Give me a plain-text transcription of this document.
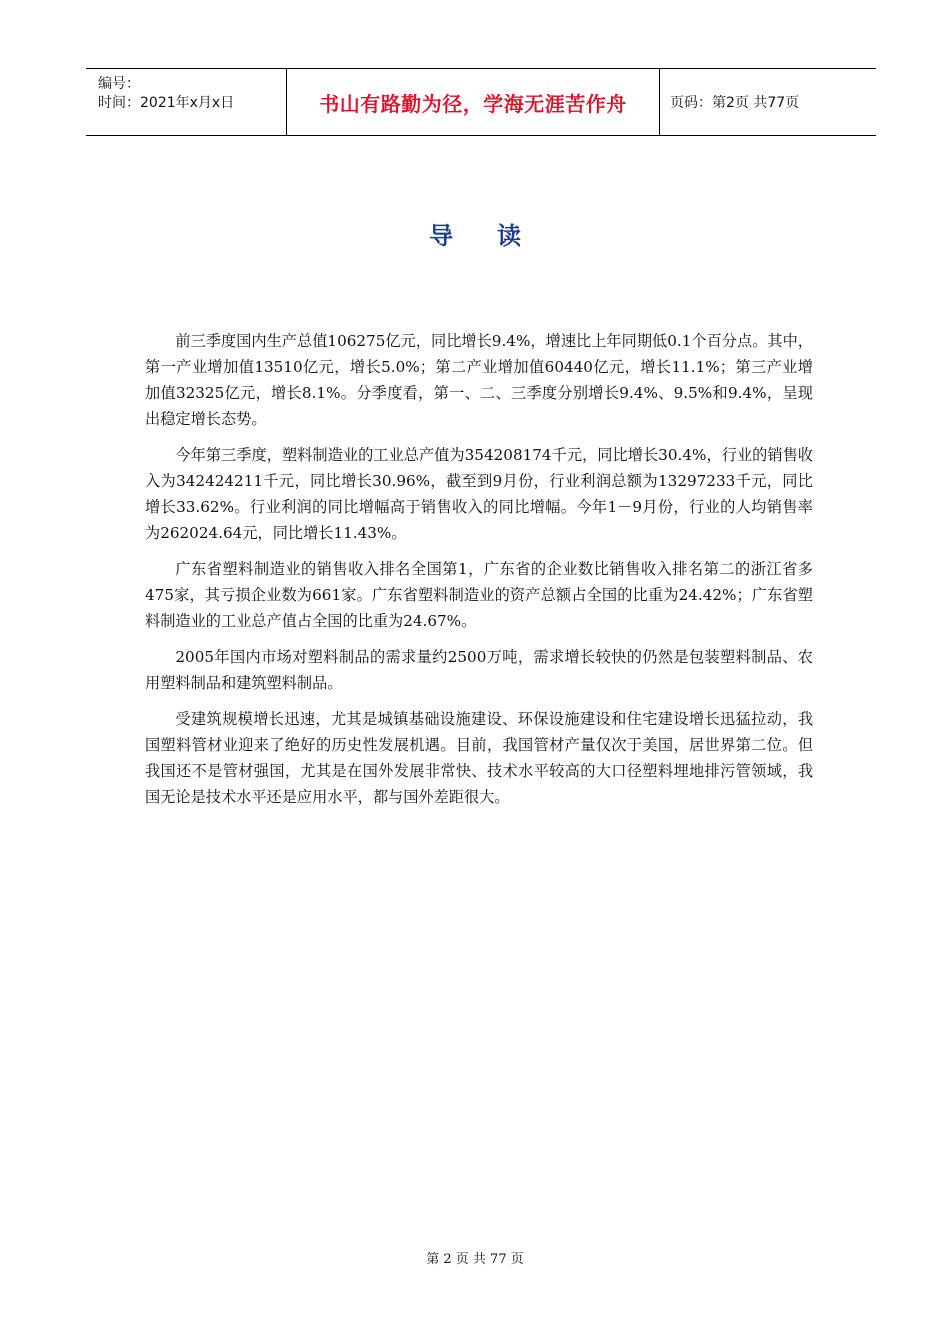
编号：
时间：2021年x月x日	书山有路勤为径，学海无涯苦作舟	页码：第2页 共77页
导读

前三季度国内生产总值106275亿元，同比增长9.4%，增速比上年同期低0.1个百分点。其中，第一产业增加值13510亿元，增长5.0%；第二产业增加值60440亿元，增长11.1%；第三产业增加值32325亿元，增长8.1%。分季度看，第一、二、三季度分别增长9.4%、9.5%和9.4%，呈现出稳定增长态势。

今年第三季度，塑料制造业的工业总产值为354208174千元，同比增长30.4%，行业的销售收入为342424211千元，同比增长30.96%，截至到9月份，行业利润总额为13297233千元，同比增长33.62%。行业利润的同比增幅高于销售收入的同比增幅。今年1－9月份，行业的人均销售率为262024.64元，同比增长11.43%。

广东省塑料制造业的销售收入排名全国第1，广东省的企业数比销售收入排名第二的浙江省多475家，其亏损企业数为661家。广东省塑料制造业的资产总额占全国的比重为24.42%；广东省塑料制造业的工业总产值占全国的比重为24.67%。

2005年国内市场对塑料制品的需求量约2500万吨，需求增长较快的仍然是包装塑料制品、农用塑料制品和建筑塑料制品。

受建筑规模增长迅速，尤其是城镇基础设施建设、环保设施建设和住宅建设增长迅猛拉动，我国塑料管材业迎来了绝好的历史性发展机遇。目前，我国管材产量仅次于美国，居世界第二位。但我国还不是管材强国，尤其是在国外发展非常快、技术水平较高的大口径塑料埋地排污管领域，我国无论是技术水平还是应用水平，都与国外差距很大。

第 2 页 共 77 页
